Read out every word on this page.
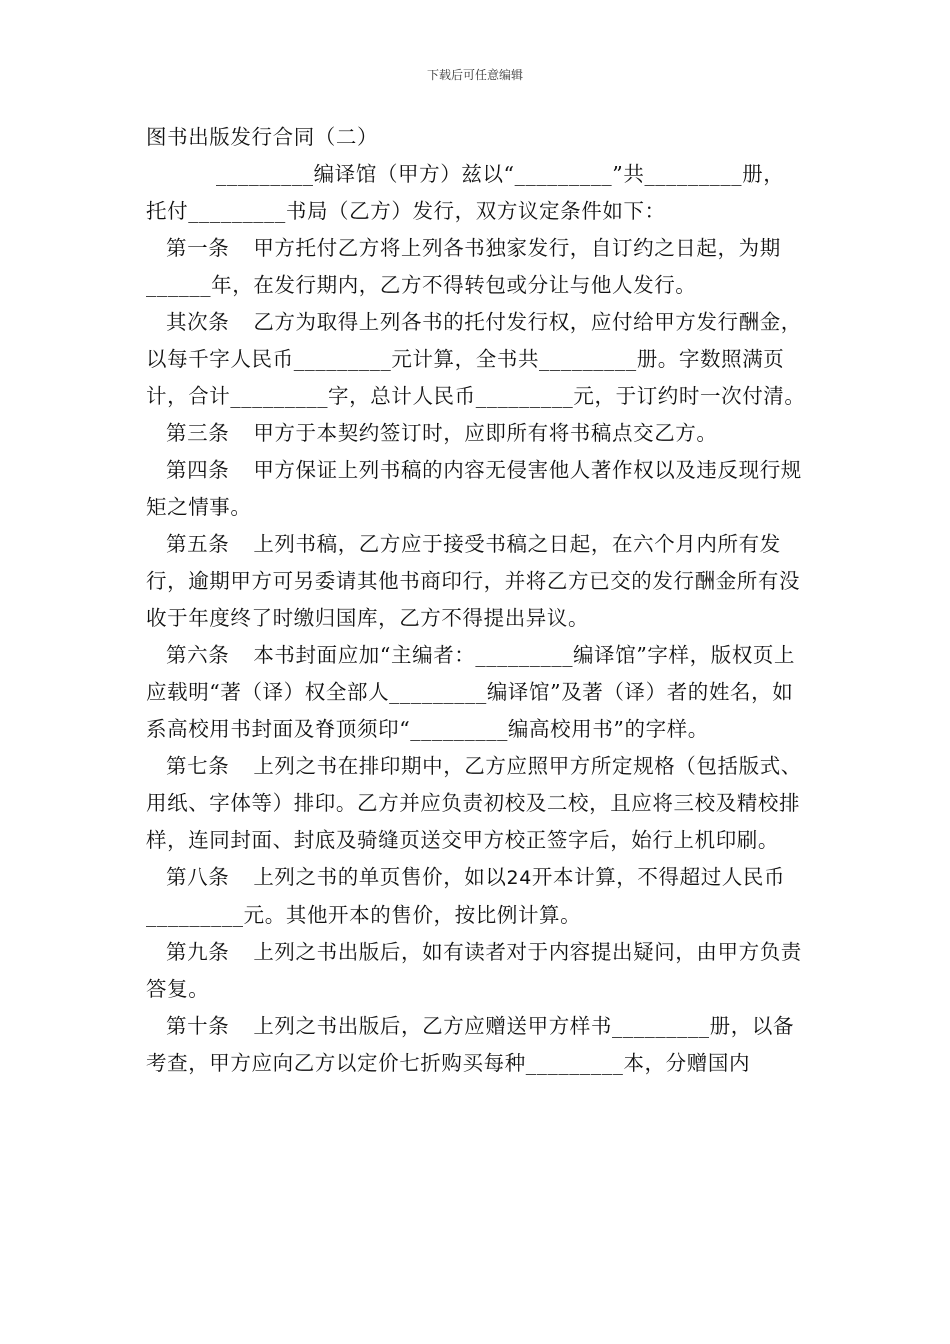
下载后可任意编辑

图书出版发行合同（二）

_________编译馆（甲方）兹以“_________”共_________册，

托付_________书局（乙方）发行，双方议定条件如下：

第一条 甲方托付乙方将上列各书独家发行，自订约之日起，为期______年，在发行期内，乙方不得转包或分让与他人发行。

其次条 乙方为取得上列各书的托付发行权，应付给甲方发行酬金，以每千字人民币_________元计算，全书共_________册。字数照满页计，合计_________字，总计人民币_________元，于订约时一次付清。

第三条 甲方于本契约签订时，应即所有将书稿点交乙方。

第四条 甲方保证上列书稿的内容无侵害他人著作权以及违反现行规矩之情事。

第五条 上列书稿，乙方应于接受书稿之日起，在六个月内所有发行，逾期甲方可另委请其他书商印行，并将乙方已交的发行酬金所有没收于年度终了时缴归国库，乙方不得提出异议。

第六条 本书封面应加“主编者：_________编译馆”字样，版权页上应载明“著（译）权全部人_________编译馆”及著（译）者的姓名，如系高校用书封面及脊顶须印“_________编高校用书”的字样。

第七条 上列之书在排印期中，乙方应照甲方所定规格（包括版式、用纸、字体等）排印。乙方并应负责初校及二校，且应将三校及精校排样，连同封面、封底及骑缝页送交甲方校正签字后，始行上机印刷。

第八条 上列之书的单页售价，如以24开本计算，不得超过人民币_________元。其他开本的售价，按比例计算。

第九条 上列之书出版后，如有读者对于内容提出疑问，由甲方负责答复。

第十条 上列之书出版后，乙方应赠送甲方样书_________册，以备考查，甲方应向乙方以定价七折购买每种_________本，分赠国内
